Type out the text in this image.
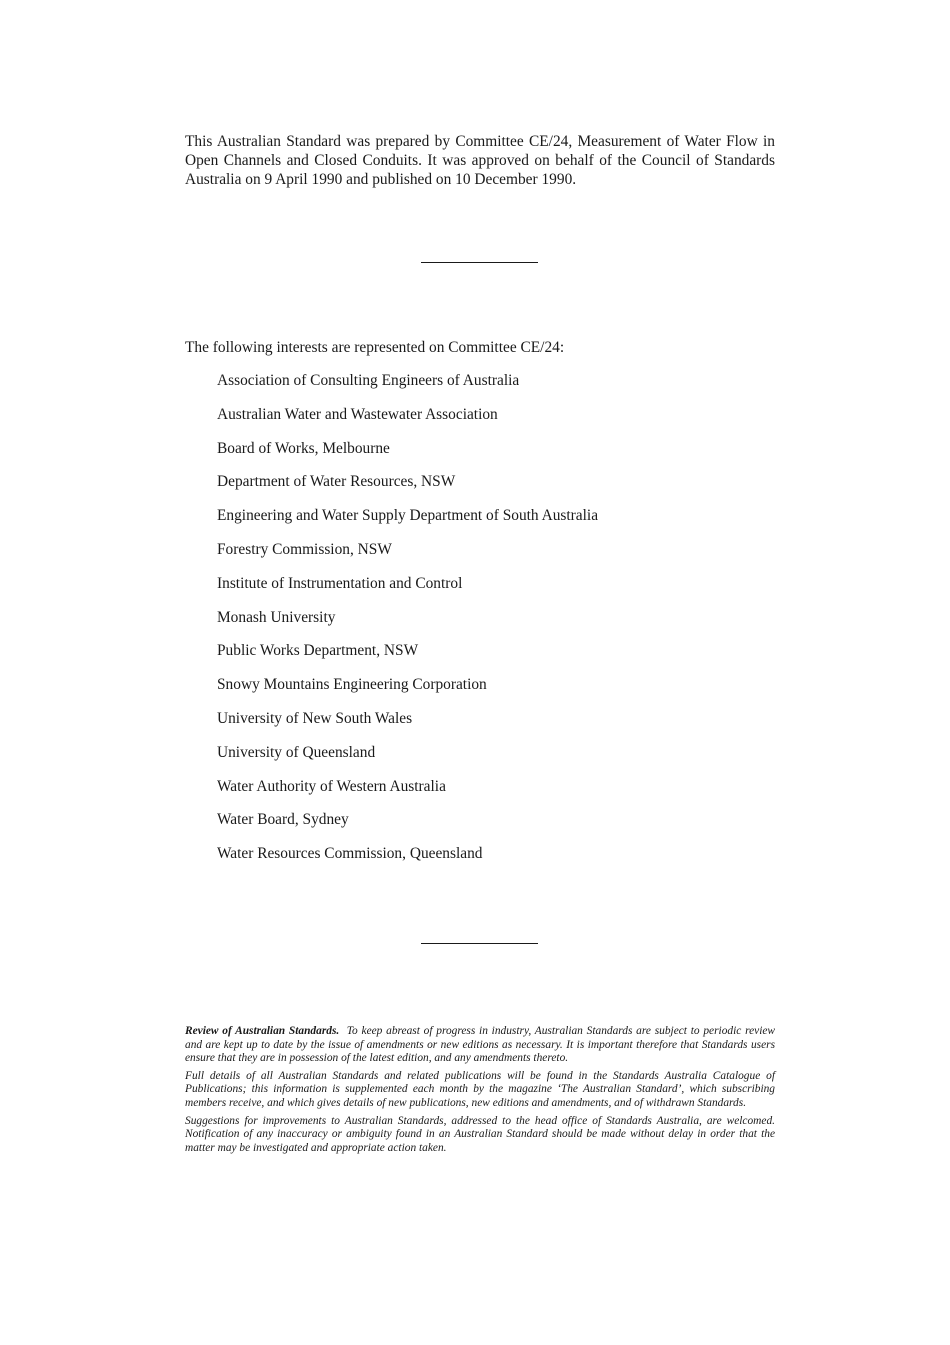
This Australian Standard was prepared by Committee CE/24, Measurement of Water Flow in Open Channels and Closed Conduits. It was approved on behalf of the Council of Standards Australia on 9 April 1990 and published on 10 December 1990.

The following interests are represented on Committee CE/24:
Association of Consulting Engineers of Australia
Australian Water and Wastewater Association
Board of Works, Melbourne
Department of Water Resources, NSW
Engineering and Water Supply Department of South Australia
Forestry Commission, NSW
Institute of Instrumentation and Control
Monash University
Public Works Department, NSW
Snowy Mountains Engineering Corporation
University of New South Wales
University of Queensland
Water Authority of Western Australia
Water Board, Sydney
Water Resources Commission, Queensland

Review of Australian Standards. To keep abreast of progress in industry, Australian Standards are subject to periodic review and are kept up to date by the issue of amendments or new editions as necessary. It is important therefore that Standards users ensure that they are in possession of the latest edition, and any amendments thereto.

Full details of all Australian Standards and related publications will be found in the Standards Australia Catalogue of Publications; this information is supplemented each month by the magazine ‘The Australian Standard’, which subscribing members receive, and which gives details of new publications, new editions and amendments, and of withdrawn Standards.

Suggestions for improvements to Australian Standards, addressed to the head office of Standards Australia, are welcomed. Notification of any inaccuracy or ambiguity found in an Australian Standard should be made without delay in order that the matter may be investigated and appropriate action taken.
